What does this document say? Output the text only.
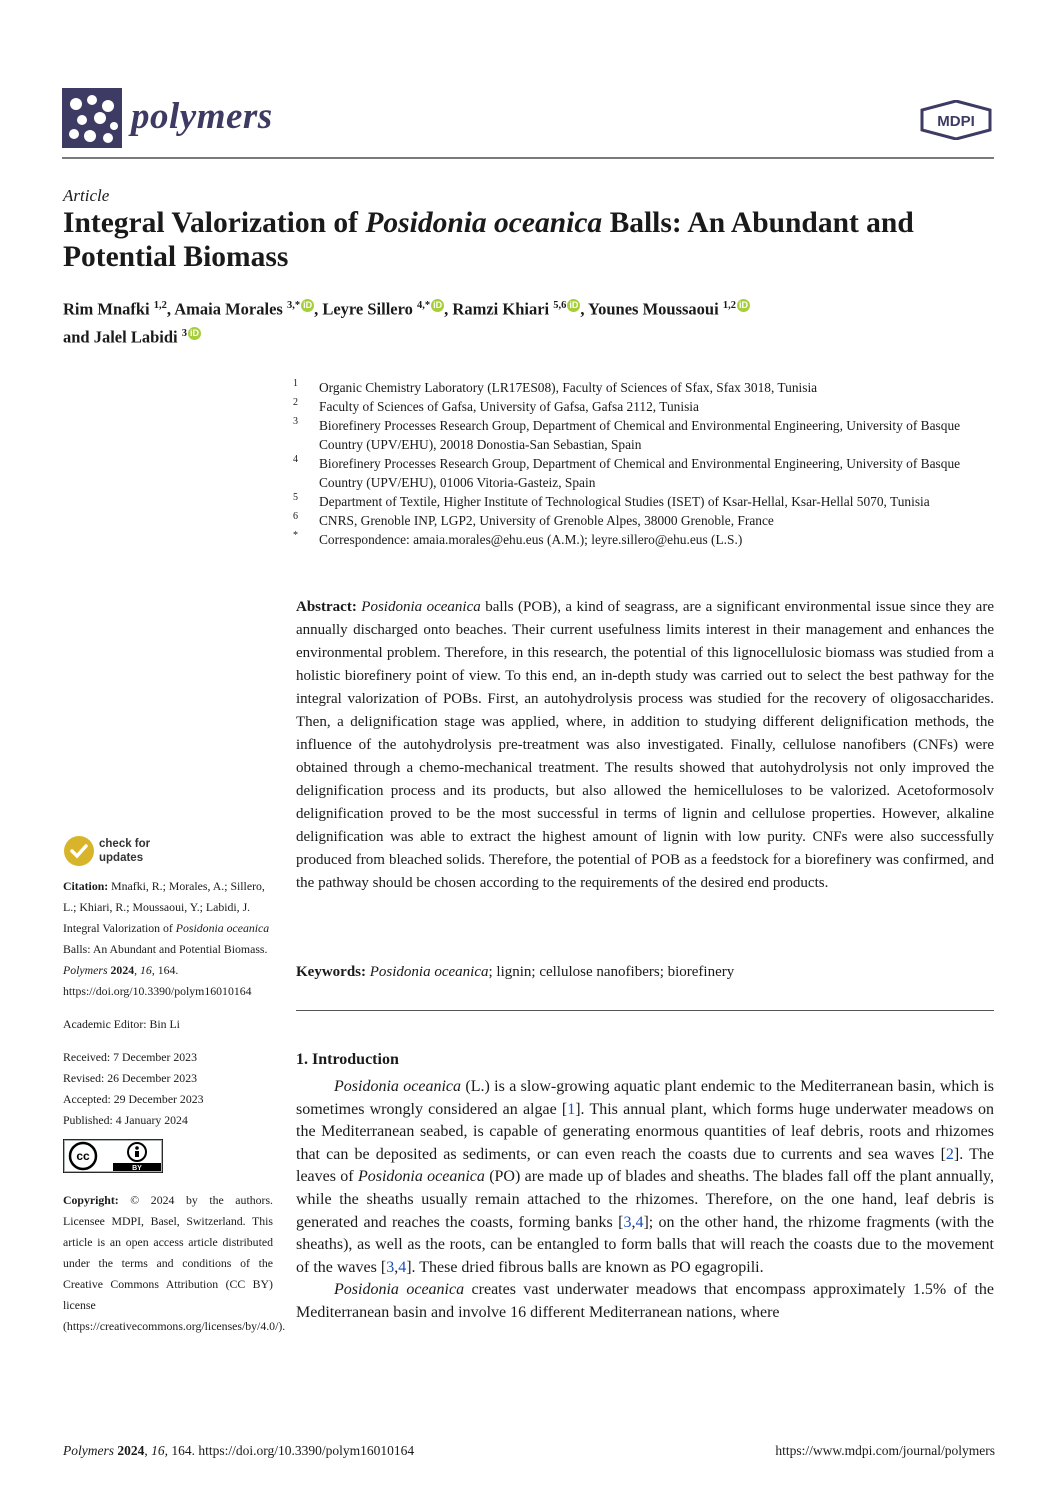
polymers	MDPI
Article
Integral Valorization of Posidonia oceanica Balls: An Abundant and Potential Biomass
Rim Mnafki $^{1,2}$, Amaia Morales $^{3,*}$ iD , Leyre Sillero $^{4,*}$ iD , Ramzi Khiari $^{5,6}$ iD , Younes Moussaoui $^{1,2}$ iD
and Jalel Labidi $^3$ iD
1 Organic Chemistry Laboratory (LR17ES08), Faculty of Sciences of Sfax, Sfax 3018, Tunisia
2 Faculty of Sciences of Gafsa, University of Gafsa, Gafsa 2112, Tunisia
3 Biorefinery Processes Research Group, Department of Chemical and Environmental Engineering, University of Basque Country (UPV/EHU), 20018 Donostia-San Sebastian, Spain
4 Biorefinery Processes Research Group, Department of Chemical and Environmental Engineering, University of Basque Country (UPV/EHU), 01006 Vitoria-Gasteiz, Spain
5 Department of Textile, Higher Institute of Technological Studies (ISET) of Ksar-Hellal, Ksar-Hellal 5070, Tunisia
6 CNRS, Grenoble INP, LGP2, University of Grenoble Alpes, 38000 Grenoble, France
* Correspondence: amaia.morales@ehu.eus (A.M.); leyre.sillero@ehu.eus (L.S.)
Abstract: Posidonia oceanica balls (POB), a kind of seagrass, are a significant environmental issue since they are annually discharged onto beaches. Their current usefulness limits interest in their management and enhances the environmental problem. Therefore, in this research, the potential of this lignocellulosic biomass was studied from a holistic biorefinery point of view. To this end, an in-depth study was carried out to select the best pathway for the integral valorization of POBs. First, an autohydrolysis process was studied for the recovery of oligosaccharides. Then, a delignification stage was applied, where, in addition to studying different delignification methods, the influence of the autohydrolysis pre-treatment was also investigated. Finally, cellulose nanofibers (CNFs) were obtained through a chemo-mechanical treatment. The results showed that autohydrolysis not only improved the delignification process and its products, but also allowed the hemicelluloses to be valorized. Acetoformosolv delignification proved to be the most successful in terms of lignin and cellulose properties. However, alkaline delignification was able to extract the highest amount of lignin with low purity. CNFs were also successfully produced from bleached solids. Therefore, the potential of POB as a feedstock for a biorefinery was confirmed, and the pathway should be chosen according to the requirements of the desired end products.
Keywords: Posidonia oceanica; lignin; cellulose nanofibers; biorefinery
1. Introduction

Posidonia oceanica (L.) is a slow-growing aquatic plant endemic to the Mediterranean basin, which is sometimes wrongly considered an algae [1]. This annual plant, which forms huge underwater meadows on the Mediterranean seabed, is capable of generating enormous quantities of leaf debris, roots and rhizomes that can be deposited as sediments, or can even reach the coasts due to currents and sea waves [2]. The leaves of Posidonia oceanica (PO) are made up of blades and sheaths. The blades fall off the plant annually, while the sheaths usually remain attached to the rhizomes. Therefore, on the one hand, leaf debris is generated and reaches the coasts, forming banks [3,4]; on the other hand, the rhizome fragments (with the sheaths), as well as the roots, can be entangled to form balls that will reach the coasts due to the movement of the waves [3,4]. These dried fibrous balls are known as PO egagropili.

Posidonia oceanica creates vast underwater meadows that encompass approximately 1.5% of the Mediterranean basin and involve 16 different Mediterranean nations, where

check for
updates

Citation: Mnafki, R.; Morales, A.; Sillero, L.; Khiari, R.; Moussaoui, Y.; Labidi, J. Integral Valorization of Posidonia oceanica Balls: An Abundant and Potential Biomass. Polymers 2024, 16, 164. https://doi.org/10.3390/polym16010164

Academic Editor: Bin Li

Received: 7 December 2023

Revised: 26 December 2023

Accepted: 29 December 2023

Published: 4 January 2024

cc
BY

Copyright: © 2024 by the authors. Licensee MDPI, Basel, Switzerland. This article is an open access article distributed under the terms and conditions of the Creative Commons Attribution (CC BY) license (https://creativecommons.org/licenses/by/4.0/).

Polymers 2024, 16, 164. https://doi.org/10.3390/polym16010164	https://www.mdpi.com/journal/polymers
